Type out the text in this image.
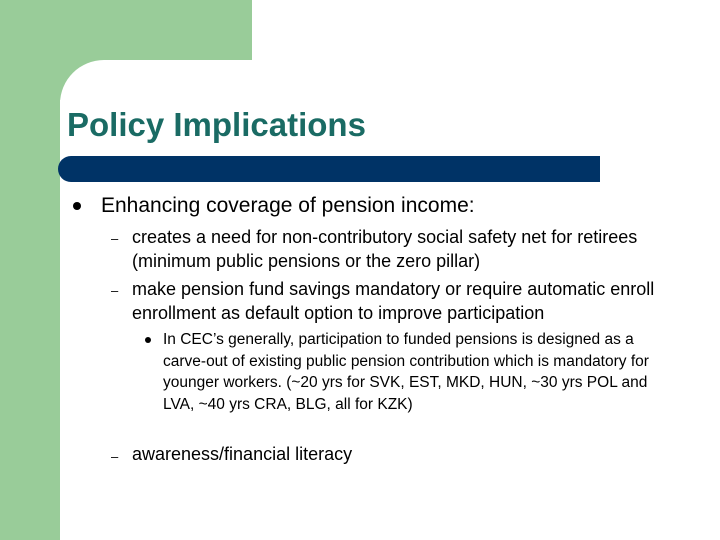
Policy Implications
Enhancing coverage of pension income:
– creates a need for non-contributory social safety net for retirees (minimum public pensions or the zero pillar)
– make pension fund savings mandatory or require automatic enroll enrollment as default option to improve participation
In CEC’s generally, participation to funded pensions is designed as a carve-out of existing public pension contribution which is mandatory for younger workers. (~20 yrs for SVK, EST, MKD, HUN, ~30 yrs POL and LVA, ~40 yrs CRA, BLG, all for KZK)
– awareness/financial literacy
